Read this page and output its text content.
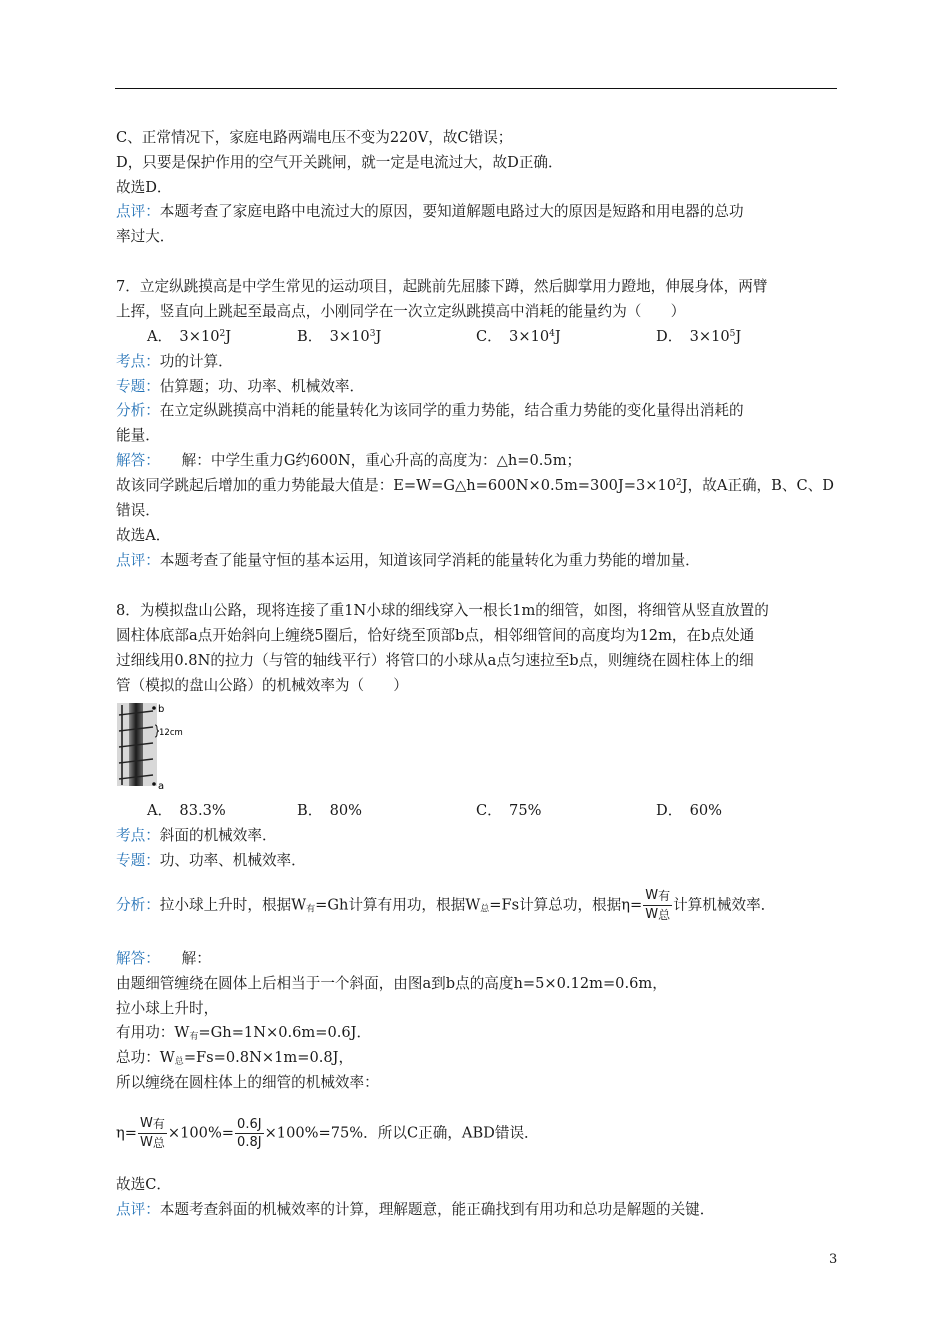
C、正常情况下，家庭电路两端电压不变为220V，故C错误；
D，只要是保护作用的空气开关跳闸，就一定是电流过大，故D正确．
故选D．
点评：本题考查了家庭电路中电流过大的原因，要知道解题电路过大的原因是短路和用电器的总功
率过大．
7．立定纵跳摸高是中学生常见的运动项目，起跳前先屈膝下蹲，然后脚掌用力蹬地，伸展身体，两臂
上挥，竖直向上跳起至最高点，小刚同学在一次立定纵跳摸高中消耗的能量约为（　　）
A．　$3\times 10^2J$	B．　$3\times 10^3J$	C．　$3\times 10^4J$	D．　$3\times 10^5J$
考点：功的计算．
专题：估算题；功、功率、机械效率．
分析：在立定纵跳摸高中消耗的能量转化为该同学的重力势能，结合重力势能的变化量得出消耗的
能量．
解答：　　解：中学生重力G约600N，重心升高的高度为：△h=0.5m；
故该同学跳起后增加的重力势能最大值是：$E=W=G\triangle h=600N\times 0.5m=300J=3\times 10^2J$，故A正确，B、C、D
错误．
故选A．
点评：本题考查了能量守恒的基本运用，知道该同学消耗的能量转化为重力势能的增加量．
8．为模拟盘山公路，现将连接了重1N小球的细线穿入一根长1m的细管，如图，将细管从竖直放置的
圆柱体底部a点开始斜向上缠绕5圈后，恰好绕至顶部b点，相邻细管间的高度均为12m，在b点处通
过细线用0.8N的拉力（与管的轴线平行）将管口的小球从a点匀速拉至b点，则缠绕在圆柱体上的细
管（模拟的盘山公路）的机械效率为（　　）
b
a
12cm
A．　83.3%	B．　80%	C．　75%	D．　60%
考点：斜面的机械效率．
专题：功、功率、机械效率．
分析：拉小球上升时，根据$W_有=Gh$计算有用功，根据$W_总=Fs$计算总功，根据$\eta= \frac{\text{W有}}{\text{W总}}$ 计算机械效率．
解答：　　解：
由题细管缠绕在圆体上后相当于一个斜面，由图a到b点的高度h=5×0.12m=0.6m，
拉小球上升时，
有用功：$W_有=Gh=1N\times 0.6m=0.6J$．
总功：$W_总=Fs=0.8N\times 1m=0.8J$，
所以缠绕在圆柱体上的细管的机械效率：
$\eta= \frac{\text{W有}}{\text{W总}} \times 100\%= \frac{0.6J}{0.8J} \times 100\%=75\%$．所以C正确，ABD错误．
故选C．
点评：本题考查斜面的机械效率的计算，理解题意，能正确找到有用功和总功是解题的关键．
3
